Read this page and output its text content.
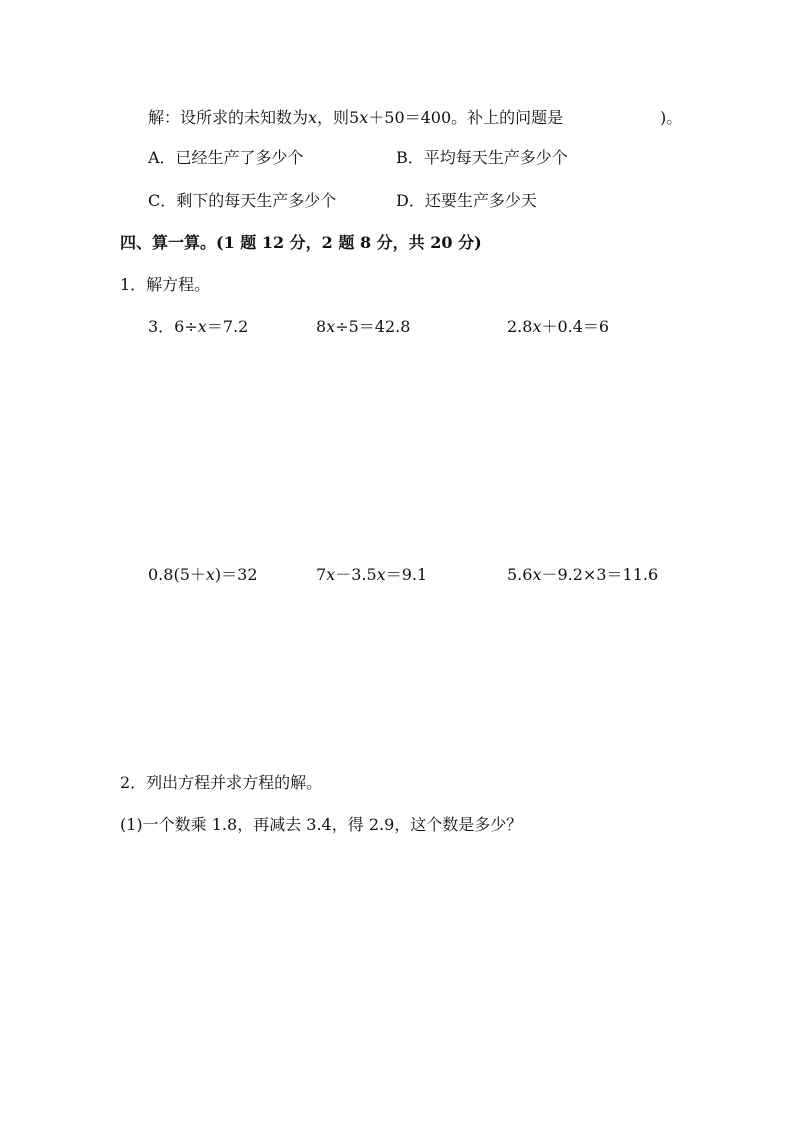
解：设所求的未知数为x，则5x＋50＝400。补上的问题是	)。
A．已经生产了多少个	B．平均每天生产多少个
C．剩下的每天生产多少个	D．还要生产多少天
四、算一算。(1 题 12 分，2 题 8 分，共 20 分)
1．解方程。
3．6÷x＝7.2	8x÷5＝42.8	2.8x＋0.4＝6
0.8(5＋x)＝32	7x－3.5x＝9.1	5.6x－9.2×3＝11.6
2．列出方程并求方程的解。
(1)一个数乘 1.8，再减去 3.4，得 2.9，这个数是多少？
